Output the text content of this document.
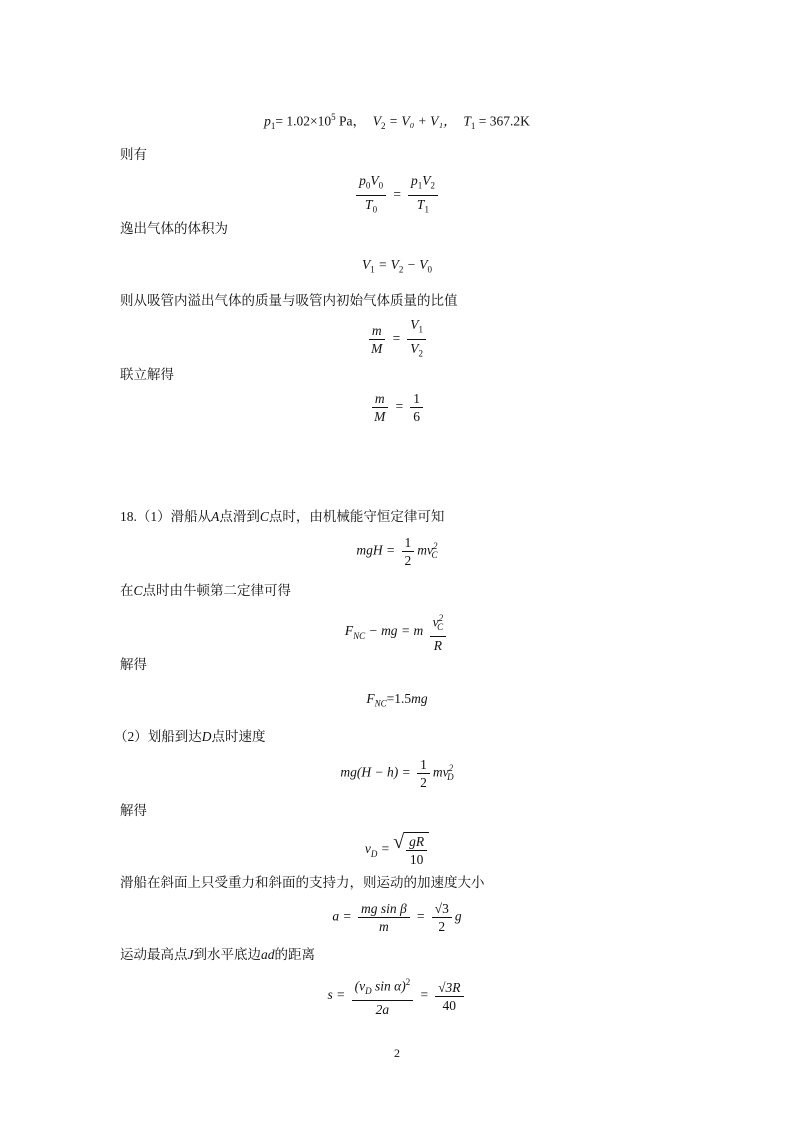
$p_1= 1.02\times 10^5$ Pa， $V_2 = V_0 + V_1$， $T_1 = 367.2K$
则有
$\frac{p_0V_0}{T_0} = \frac{p_1V_2}{T_1}$
逸出气体的体积为
$V_1 = V_2 - V_0$
则从吸管内溢出气体的质量与吸管内初始气体质量的比值
$\frac{m}{M} = \frac{V_1}{V_2}$
联立解得
$\frac{m}{M} = \frac{1}{6}$
18.（1）滑船从A点滑到C点时，由机械能守恒定律可知
mgH = $\frac{1}{2} mv^2_C$
在C点时由牛顿第二定律可得
$F_{NC}$ − mg = m $\frac{v^2_C}{R}$
解得
$F_{NC}=1.5mg$
（2）划船到达D点时速度
$mg(H - h) = \frac{1}{2} mv^2_D$
解得
$v_D$ = √ $\frac{gR}{10}$
滑船在斜面上只受重力和斜面的支持力，则运动的加速度大小
$a = \frac{\text{mg sin β}}{m} = \frac{√3}{2}$ g
运动最高点J到水平底边ad的距离
$s = \frac{(v_D \sin \alpha)^2}{2a} = \frac{√3R}{40}$
2
